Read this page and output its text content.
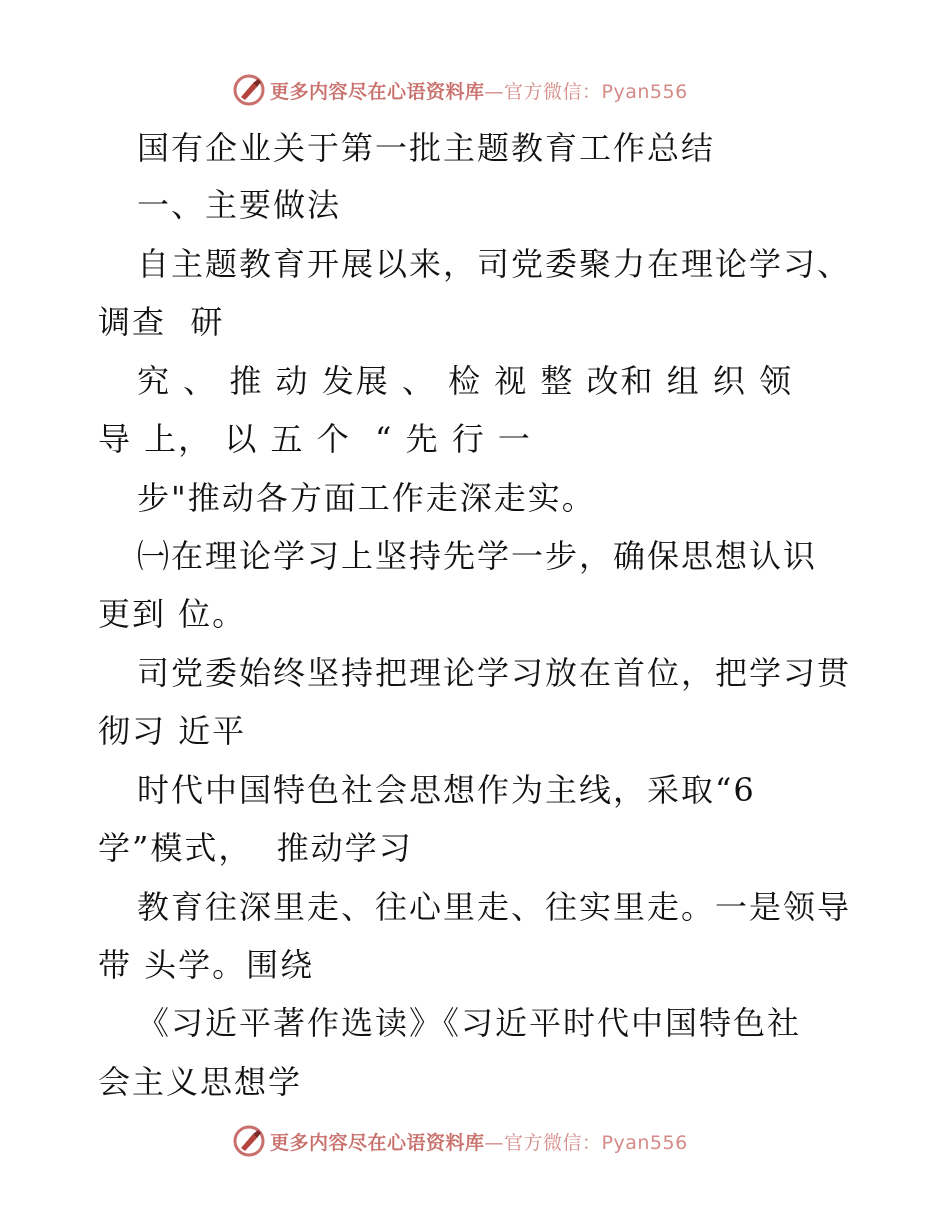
更多内容尽在心语资料库—官方微信：Pyan556
国有企业关于第一批主题教育工作总结
一、主要做法
自主题教育开展以来，司党委聚力在理论学习、
调查  研
究 、 推 动 发展 、 检 视 整 改和 组 织 领
导 上， 以 五 个  “ 先 行 一
步"推动各方面工作走深走实。
㈠在理论学习上坚持先学一步，确保思想认识
更到 位。
司党委始终坚持把理论学习放在首位，把学习贯
彻习 近平
时代中国特色社会思想作为主线，采取“6
学”模式，  推动学习
教育往深里走、往心里走、往实里走。一是领导
带 头学。围绕
《习近平著作选读》《习近平时代中国特色社
会主义思想学
更多内容尽在心语资料库—官方微信：Pyan556
